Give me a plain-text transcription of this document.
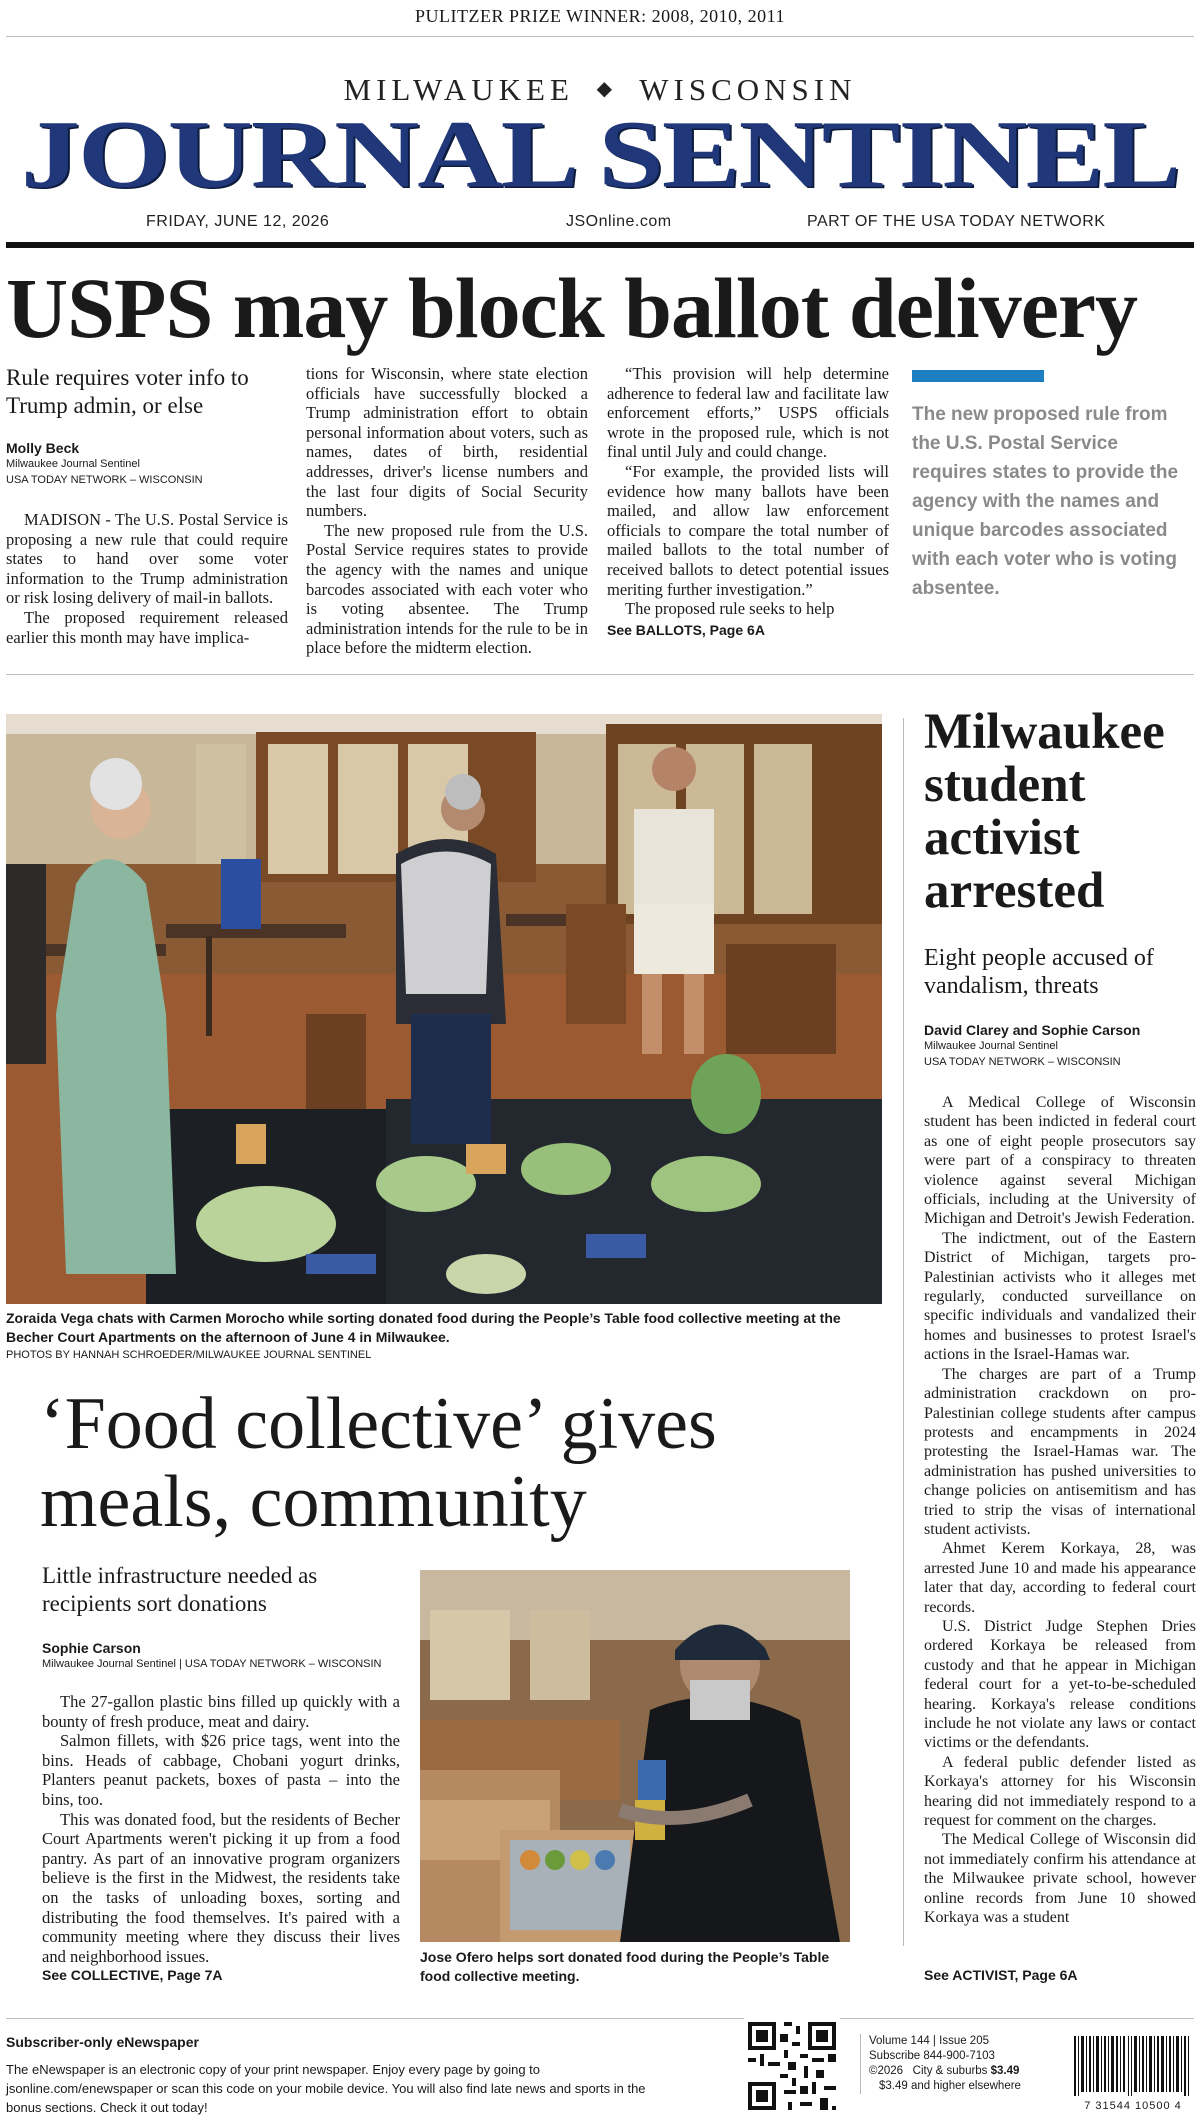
PULITZER PRIZE WINNER: 2008, 2010, 2011
MILWAUKEE ◆ WISCONSIN
JOURNAL SENTINEL
FRIDAY, JUNE 12, 2026	JSOnline.com	PART OF THE USA TODAY NETWORK
USPS may block ballot delivery
Rule requires voter info to Trump admin, or else
Molly Beck
Milwaukee Journal Sentinel
USA TODAY NETWORK – WISCONSIN

MADISON - The U.S. Postal Service is proposing a new rule that could require states to hand over some voter information to the Trump administration or risk losing delivery of mail-in ballots.

The proposed requirement released earlier this month may have implica-

tions for Wisconsin, where state election officials have successfully blocked a Trump administration effort to obtain personal information about voters, such as names, dates of birth, residential addresses, driver's license numbers and the last four digits of Social Security numbers.

The new proposed rule from the U.S. Postal Service requires states to provide the agency with the names and unique barcodes associated with each voter who is voting absentee. The Trump administration intends for the rule to be in place before the midterm election.

“This provision will help determine adherence to federal law and facilitate law enforcement efforts,” USPS officials wrote in the proposed rule, which is not final until July and could change.

“For example, the provided lists will evidence how many ballots have been mailed, and allow law enforcement officials to compare the total number of mailed ballots to the total number of received ballots to detect potential issues meriting further investigation.”

The proposed rule seeks to help

See BALLOTS, Page 6A
The new proposed rule from the U.S. Postal Service requires states to provide the agency with the names and unique barcodes associated with each voter who is voting absentee.
Zoraida Vega chats with Carmen Morocho while sorting donated food during the People’s Table food collective meeting at the Becher Court Apartments on the afternoon of June 4 in Milwaukee.
PHOTOS BY HANNAH SCHROEDER/MILWAUKEE JOURNAL SENTINEL
‘Food collective’ gives meals, community
Little infrastructure needed as recipients sort donations
Sophie Carson
Milwaukee Journal Sentinel | USA TODAY NETWORK – WISCONSIN

The 27-gallon plastic bins filled up quickly with a bounty of fresh produce, meat and dairy.

Salmon fillets, with $26 price tags, went into the bins. Heads of cabbage, Chobani yogurt drinks, Planters peanut packets, boxes of pasta – into the bins, too.

This was donated food, but the residents of Becher Court Apartments weren't picking it up from a food pantry. As part of an innovative program organizers believe is the first in the Midwest, the residents take on the tasks of unloading boxes, sorting and distributing the food themselves. It's paired with a community meeting where they discuss their lives and neighborhood issues.

See COLLECTIVE, Page 7A
Jose Ofero helps sort donated food during the People’s Table food collective meeting.
Milwaukee student activist arrested
Eight people accused of vandalism, threats
David Clarey and Sophie Carson
Milwaukee Journal Sentinel
USA TODAY NETWORK – WISCONSIN

A Medical College of Wisconsin student has been indicted in federal court as one of eight people prosecutors say were part of a conspiracy to threaten violence against several Michigan officials, including at the University of Michigan and Detroit's Jewish Federation.

The indictment, out of the Eastern District of Michigan, targets pro-Palestinian activists who it alleges met regularly, conducted surveillance on specific individuals and vandalized their homes and businesses to protest Israel's actions in the Israel-Hamas war.

The charges are part of a Trump administration crackdown on pro-Palestinian college students after campus protests and encampments in 2024 protesting the Israel-Hamas war. The administration has pushed universities to change policies on antisemitism and has tried to strip the visas of international student activists.

Ahmet Kerem Korkaya, 28, was arrested June 10 and made his appearance later that day, according to federal court records.

U.S. District Judge Stephen Dries ordered Korkaya be released from custody and that he appear in Michigan federal court for a yet-to-be-scheduled hearing. Korkaya's release conditions include he not violate any laws or contact victims or the defendants.

A federal public defender listed as Korkaya's attorney for his Wisconsin hearing did not immediately respond to a request for comment on the charges.

The Medical College of Wisconsin did not immediately confirm his attendance at the Milwaukee private school, however online records from June 10 showed Korkaya was a student

See ACTIVIST, Page 6A
Subscriber-only eNewspaper
The eNewspaper is an electronic copy of your print newspaper. Enjoy every page by going to jsonline.com/enewspaper or scan this code on your mobile device. You will also find late news and sports in the bonus sections. Check it out today!
Volume 144 | Issue 205
Subscribe 844-900-7103
©2026 City & suburbs $3.49
$3.49 and higher elsewhere
7 31544 10500 4
